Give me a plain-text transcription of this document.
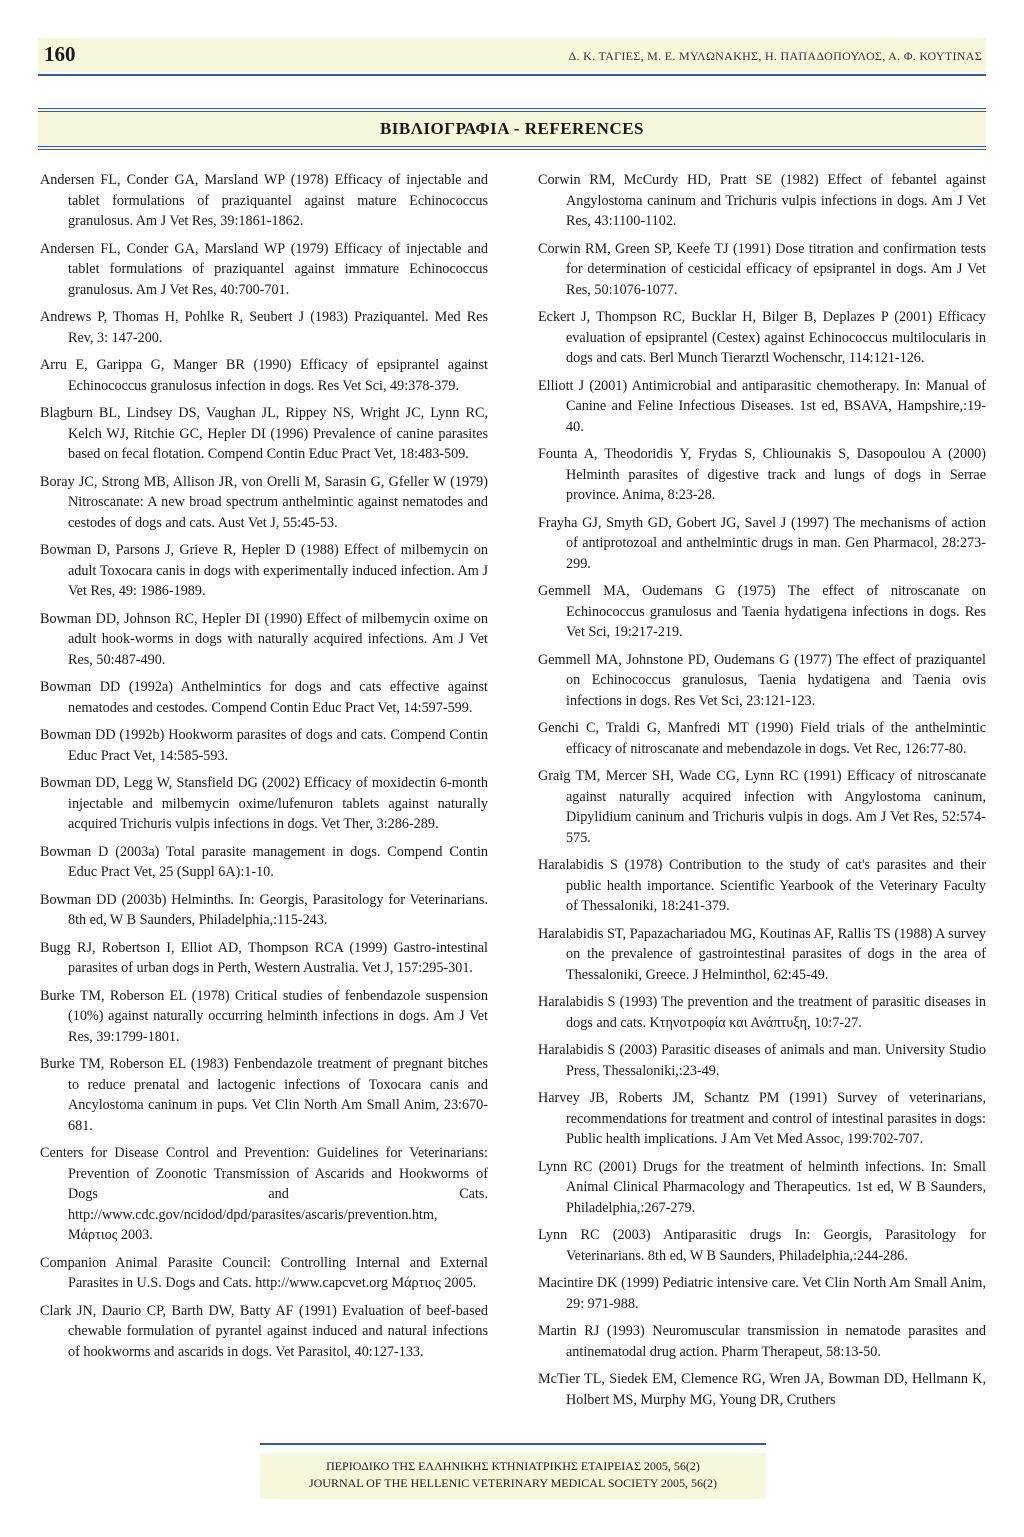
160	Δ. Κ. ΤΑΓΙΕΣ, Μ. Ε. ΜΥΛΩΝΑΚΗΣ, Η. ΠΑΠΑΔΟΠΟΥΛΟΣ, Α. Φ. ΚΟΥΤΙΝΑΣ
ΒΙΒΛΙΟΓΡΑΦΙΑ - REFERENCES

Andersen FL, Conder GA, Marsland WP (1978) Efficacy of injectable and tablet formulations of praziquantel against mature Echinococcus granulosus. Am J Vet Res, 39:1861-1862.

Andersen FL, Conder GA, Marsland WP (1979) Efficacy of injectable and tablet formulations of praziquantel against immature Echinococcus granulosus. Am J Vet Res, 40:700-701.

Andrews P, Thomas H, Pohlke R, Seubert J (1983) Praziquantel. Med Res Rev, 3: 147-200.

Arru E, Garippa G, Manger BR (1990) Efficacy of epsiprantel against Echinococcus granulosus infection in dogs. Res Vet Sci, 49:378-379.

Blagburn BL, Lindsey DS, Vaughan JL, Rippey NS, Wright JC, Lynn RC, Kelch WJ, Ritchie GC, Hepler DI (1996) Prevalence of canine parasites based on fecal flotation. Compend Contin Educ Pract Vet, 18:483-509.

Boray JC, Strong MB, Allison JR, von Orelli M, Sarasin G, Gfeller W (1979) Nitroscanate: A new broad spectrum anthelmintic against nematodes and cestodes of dogs and cats. Aust Vet J, 55:45-53.

Bowman D, Parsons J, Grieve R, Hepler D (1988) Effect of milbemycin on adult Toxocara canis in dogs with experimentally induced infection. Am J Vet Res, 49: 1986-1989.

Bowman DD, Johnson RC, Hepler DI (1990) Effect of milbemycin oxime on adult hook-worms in dogs with naturally acquired infections. Am J Vet Res, 50:487-490.

Bowman DD (1992a) Anthelmintics for dogs and cats effective against nematodes and cestodes. Compend Contin Educ Pract Vet, 14:597-599.

Bowman DD (1992b) Hookworm parasites of dogs and cats. Compend Contin Educ Pract Vet, 14:585-593.

Bowman DD, Legg W, Stansfield DG (2002) Efficacy of moxidectin 6-month injectable and milbemycin oxime/lufenuron tablets against naturally acquired Trichuris vulpis infections in dogs. Vet Ther, 3:286-289.

Bowman D (2003a) Total parasite management in dogs. Compend Contin Educ Pract Vet, 25 (Suppl 6A):1-10.

Bowman DD (2003b) Helminths. In: Georgis, Parasitology for Veterinarians. 8th ed, W B Saunders, Philadelphia,:115-243.

Bugg RJ, Robertson I, Elliot AD, Thompson RCA (1999) Gastro-intestinal parasites of urban dogs in Perth, Western Australia. Vet J, 157:295-301.

Burke TM, Roberson EL (1978) Critical studies of fenbendazole suspension (10%) against naturally occurring helminth infections in dogs. Am J Vet Res, 39:1799-1801.

Burke TM, Roberson EL (1983) Fenbendazole treatment of pregnant bitches to reduce prenatal and lactogenic infections of Toxocara canis and Ancylostoma caninum in pups. Vet Clin North Am Small Anim, 23:670-681.

Centers for Disease Control and Prevention: Guidelines for Veterinarians: Prevention of Zoonotic Transmission of Ascarids and Hookworms of Dogs and Cats. http://www.cdc.gov/ncidod/dpd/parasites/ascaris/prevention.htm, Μάρτιος 2003.

Companion Animal Parasite Council: Controlling Internal and External Parasites in U.S. Dogs and Cats. http://www.capcvet.org Μάρτιος 2005.

Clark JN, Daurio CP, Barth DW, Batty AF (1991) Evaluation of beef-based chewable formulation of pyrantel against induced and natural infections of hookworms and ascarids in dogs. Vet Parasitol, 40:127-133.

Corwin RM, McCurdy HD, Pratt SE (1982) Effect of febantel against Angylostoma caninum and Trichuris vulpis infections in dogs. Am J Vet Res, 43:1100-1102.

Corwin RM, Green SP, Keefe TJ (1991) Dose titration and confirmation tests for determination of cesticidal efficacy of epsiprantel in dogs. Am J Vet Res, 50:1076-1077.

Eckert J, Thompson RC, Bucklar H, Bilger B, Deplazes P (2001) Efficacy evaluation of epsiprantel (Cestex) against Echinococcus multilocularis in dogs and cats. Berl Munch Tierarztl Wochenschr, 114:121-126.

Elliott J (2001) Antimicrobial and antiparasitic chemotherapy. In: Manual of Canine and Feline Infectious Diseases. 1st ed, BSAVA, Hampshire,:19-40.

Founta A, Theodoridis Y, Frydas S, Chliounakis S, Dasopoulou A (2000) Helminth parasites of digestive track and lungs of dogs in Serrae province. Anima, 8:23-28.

Frayha GJ, Smyth GD, Gobert JG, Savel J (1997) The mechanisms of action of antiprotozoal and anthelmintic drugs in man. Gen Pharmacol, 28:273-299.

Gemmell MA, Oudemans G (1975) The effect of nitroscanate on Echinococcus granulosus and Taenia hydatigena infections in dogs. Res Vet Sci, 19:217-219.

Gemmell MA, Johnstone PD, Oudemans G (1977) The effect of praziquantel on Echinococcus granulosus, Taenia hydatigena and Taenia ovis infections in dogs. Res Vet Sci, 23:121-123.

Genchi C, Traldi G, Manfredi MT (1990) Field trials of the anthelmintic efficacy of nitroscanate and mebendazole in dogs. Vet Rec, 126:77-80.

Graig TM, Mercer SH, Wade CG, Lynn RC (1991) Efficacy of nitroscanate against naturally acquired infection with Angylostoma caninum, Dipylidium caninum and Trichuris vulpis in dogs. Am J Vet Res, 52:574-575.

Haralabidis S (1978) Contribution to the study of cat's parasites and their public health importance. Scientific Yearbook of the Veterinary Faculty of Thessaloniki, 18:241-379.

Haralabidis ST, Papazachariadou MG, Koutinas AF, Rallis TS (1988) A survey on the prevalence of gastrointestinal parasites of dogs in the area of Thessaloniki, Greece. J Helminthol, 62:45-49.

Haralabidis S (1993) The prevention and the treatment of parasitic diseases in dogs and cats. Κτηνοτροφία και Ανάπτυξη, 10:7-27.

Haralabidis S (2003) Parasitic diseases of animals and man. University Studio Press, Thessaloniki,:23-49.

Harvey JB, Roberts JM, Schantz PM (1991) Survey of veterinarians, recommendations for treatment and control of intestinal parasites in dogs: Public health implications. J Am Vet Med Assoc, 199:702-707.

Lynn RC (2001) Drugs for the treatment of helminth infections. In: Small Animal Clinical Pharmacology and Therapeutics. 1st ed, W B Saunders, Philadelphia,:267-279.

Lynn RC (2003) Antiparasitic drugs In: Georgis, Parasitology for Veterinarians. 8th ed, W B Saunders, Philadelphia,:244-286.

Macintire DK (1999) Pediatric intensive care. Vet Clin North Am Small Anim, 29: 971-988.

Martin RJ (1993) Neuromuscular transmission in nematode parasites and antinematodal drug action. Pharm Therapeut, 58:13-50.

McTier TL, Siedek EM, Clemence RG, Wren JA, Bowman DD, Hellmann K, Holbert MS, Murphy MG, Young DR, Cruthers

ΠΕΡΙΟΔΙΚΟ ΤΗΣ ΕΛΛΗΝΙΚΗΣ ΚΤΗΝΙΑΤΡΙΚΗΣ ΕΤΑΙΡΕΙΑΣ 2005, 56(2)
JOURNAL OF THE HELLENIC VETERINARY MEDICAL SOCIETY 2005, 56(2)
